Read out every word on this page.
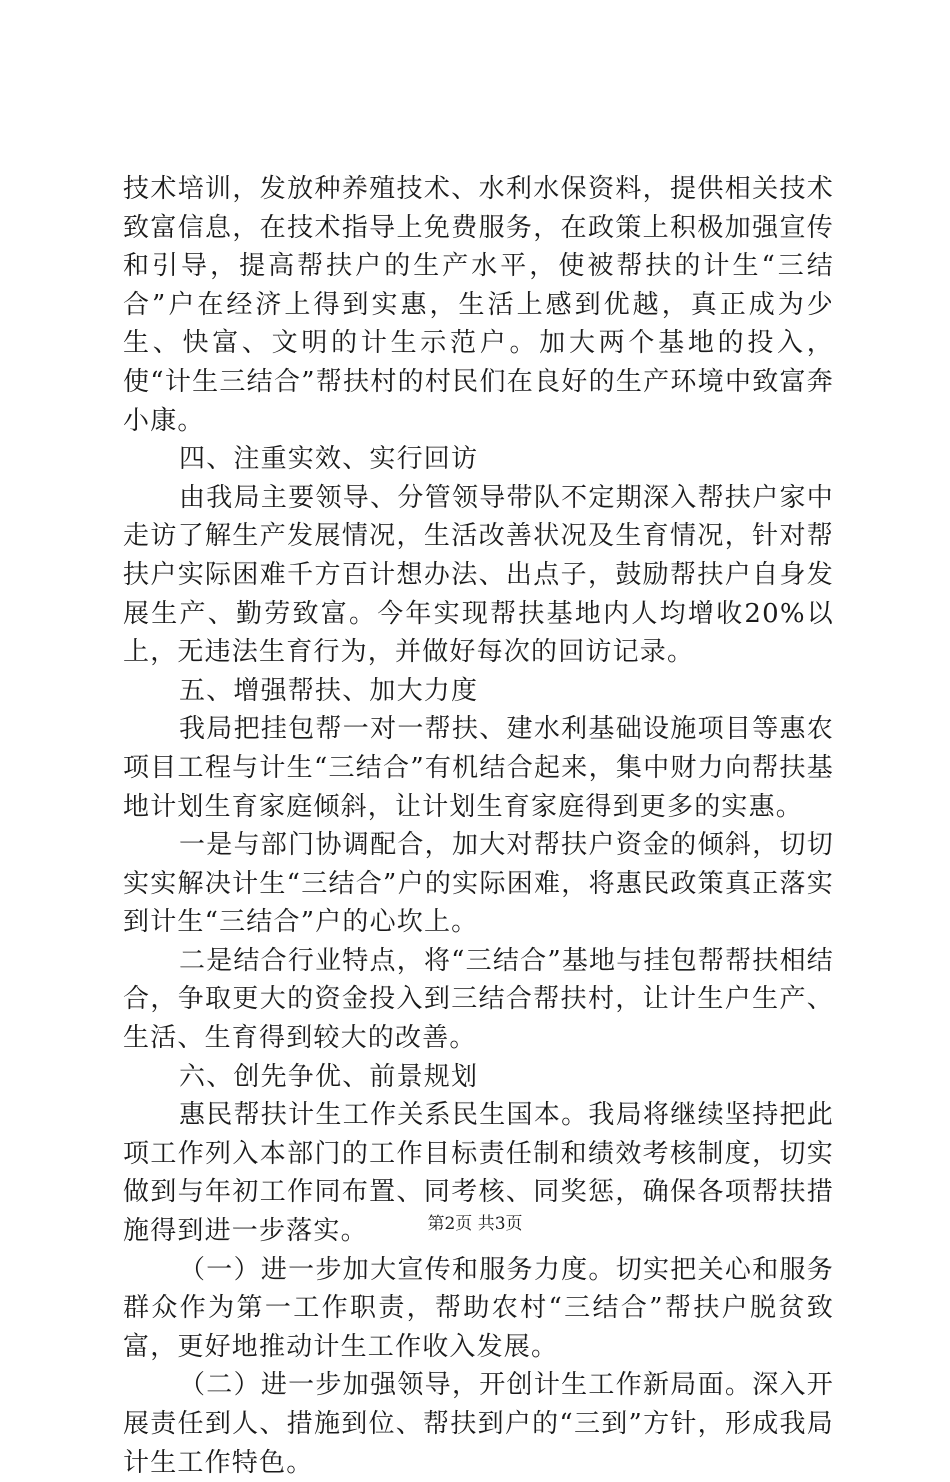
技术培训，发放种养殖技术、水利水保资料，提供相关技术致富信息，在技术指导上免费服务，在政策上积极加强宣传和引导，提高帮扶户的生产水平，使被帮扶的计生“三结合”户在经济上得到实惠，生活上感到优越，真正成为少生、快富、文明的计生示范户。加大两个基地的投入，使“计生三结合”帮扶村的村民们在良好的生产环境中致富奔小康。

四、注重实效、实行回访

由我局主要领导、分管领导带队不定期深入帮扶户家中走访了解生产发展情况，生活改善状况及生育情况，针对帮扶户实际困难千方百计想办法、出点子，鼓励帮扶户自身发展生产、勤劳致富。今年实现帮扶基地内人均增收20%以上，无违法生育行为，并做好每次的回访记录。

五、增强帮扶、加大力度

我局把挂包帮一对一帮扶、建水利基础设施项目等惠农项目工程与计生“三结合”有机结合起来，集中财力向帮扶基地计划生育家庭倾斜，让计划生育家庭得到更多的实惠。

一是与部门协调配合，加大对帮扶户资金的倾斜，切切实实解决计生“三结合”户的实际困难，将惠民政策真正落实到计生“三结合”户的心坎上。

二是结合行业特点，将“三结合”基地与挂包帮帮扶相结合，争取更大的资金投入到三结合帮扶村，让计生户生产、生活、生育得到较大的改善。

六、创先争优、前景规划

惠民帮扶计生工作关系民生国本。我局将继续坚持把此项工作列入本部门的工作目标责任制和绩效考核制度，切实做到与年初工作同布置、同考核、同奖惩，确保各项帮扶措施得到进一步落实。

（一）进一步加大宣传和服务力度。切实把关心和服务群众作为第一工作职责，帮助农村“三结合”帮扶户脱贫致富，更好地推动计生工作收入发展。

（二）进一步加强领导，开创计生工作新局面。深入开展责任到人、措施到位、帮扶到户的“三到”方针，形成我局计生工作特色。

第2页 共3页
